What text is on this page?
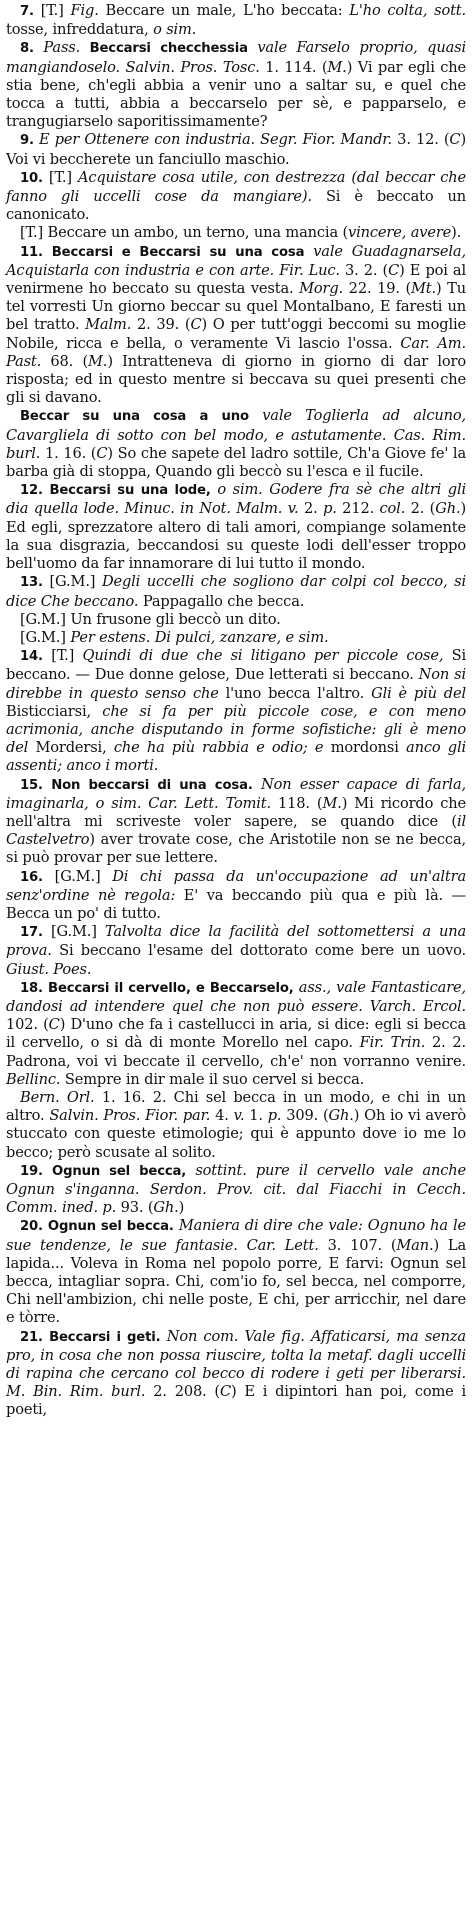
7. [T.] Fig. Beccare un male, L'ho beccata: L'ho colta, sott. tosse, infreddatura, o sim.

8. Pass. Beccarsi checchessia vale Farselo proprio, quasi mangiandoselo. Salvin. Pros. Tosc. 1. 114. (M.) Vi par egli che stia bene, ch'egli abbia a venir uno a saltar su, e quel che tocca a tutti, abbia a beccarselo per sè, e papparselo, e trangugiarselo saporitissimamente?

9. E per Ottenere con industria. Segr. Fior. Mandr. 3. 12. (C) Voi vi beccherete un fanciullo maschio.

10. [T.] Acquistare cosa utile, con destrezza (dal beccar che fanno gli uccelli cose da mangiare). Si è beccato un canonicato.

[T.] Beccare un ambo, un terno, una mancia (vincere, avere).

11. Beccarsi e Beccarsi su una cosa vale Guadagnarsela, Acquistarla con industria e con arte. Fir. Luc. 3. 2. (C) E poi al venirmene ho beccato su questa vesta. Morg. 22. 19. (Mt.) Tu tel vorresti Un giorno beccar su quel Montalbano, E faresti un bel tratto. Malm. 2. 39. (C) O per tutt'oggi beccomi su moglie Nobile, ricca e bella, o veramente Vi lascio l'ossa. Car. Am. Past. 68. (M.) Intratteneva di giorno in giorno di dar loro risposta; ed in questo mentre si beccava su quei presenti che gli si davano.

Beccar su una cosa a uno vale Toglierla ad alcuno, Cavargliela di sotto con bel modo, e astutamente. Cas. Rim. burl. 1. 16. (C) So che sapete del ladro sottile, Ch'a Giove fe' la barba già di stoppa, Quando gli beccò su l'esca e il fucile.

12. Beccarsi su una lode, o sim. Godere fra sè che altri gli dia quella lode. Minuc. in Not. Malm. v. 2. p. 212. col. 2. (Gh.) Ed egli, sprezzatore altero di tali amori, compiange solamente la sua disgrazia, beccandosi su queste lodi dell'esser troppo bell'uomo da far innamorare di lui tutto il mondo.

13. [G.M.] Degli uccelli che sogliono dar colpi col becco, si dice Che beccano. Pappagallo che becca.

[G.M.] Un frusone gli beccò un dito.

[G.M.] Per estens. Di pulci, zanzare, e sim.

14. [T.] Quindi di due che si litigano per piccole cose, Si beccano. — Due donne gelose, Due letterati si beccano. Non si direbbe in questo senso che l'uno becca l'altro. Gli è più del Bisticciarsi, che si fa per più piccole cose, e con meno acrimonia, anche disputando in forme sofistiche: gli è meno del Mordersi, che ha più rabbia e odio; e mordonsi anco gli assenti; anco i morti.

15. Non beccarsi di una cosa. Non esser capace di farla, imaginarla, o sim. Car. Lett. Tomit. 118. (M.) Mi ricordo che nell'altra mi scriveste voler sapere, se quando dice (il Castelvetro) aver trovate cose, che Aristotile non se ne becca, si può provar per sue lettere.

16. [G.M.] Di chi passa da un'occupazione ad un'altra senz'ordine nè regola: E' va beccando più qua e più là. — Becca un po' di tutto.

17. [G.M.] Talvolta dice la facilità del sottomettersi a una prova. Si beccano l'esame del dottorato come bere un uovo. Giust. Poes.

18. Beccarsi il cervello, e Beccarselo, ass., vale Fantasticare, dandosi ad intendere quel che non può essere. Varch. Ercol. 102. (C) D'uno che fa i castellucci in aria, si dice: egli si becca il cervello, o si dà di monte Morello nel capo. Fir. Trin. 2. 2. Padrona, voi vi beccate il cervello, ch'e' non vorranno venire. Bellinc. Sempre in dir male il suo cervel si becca.

Bern. Orl. 1. 16. 2. Chi sel becca in un modo, e chi in un altro. Salvin. Pros. Fior. par. 4. v. 1. p. 309. (Gh.) Oh io vi averò stuccato con queste etimologie; qui è appunto dove io me lo becco; però scusate al solito.

19. Ognun sel becca, sottint. pure il cervello vale anche Ognun s'inganna. Serdon. Prov. cit. dal Fiacchi in Cecch. Comm. ined. p. 93. (Gh.)

20. Ognun sel becca. Maniera di dire che vale: Ognuno ha le sue tendenze, le sue fantasie. Car. Lett. 3. 107. (Man.) La lapida... Voleva in Roma nel popolo porre, E farvi: Ognun sel becca, intagliar sopra. Chi, com'io fo, sel becca, nel comporre, Chi nell'ambizion, chi nelle poste, E chi, per arricchir, nel dare e tòrre.

21. Beccarsi i geti. Non com. Vale fig. Affaticarsi, ma senza pro, in cosa che non possa riuscire, tolta la metaf. dagli uccelli di rapina che cercano col becco di rodere i geti per liberarsi. M. Bin. Rim. burl. 2. 208. (C) E i dipintori han poi, come i poeti,
